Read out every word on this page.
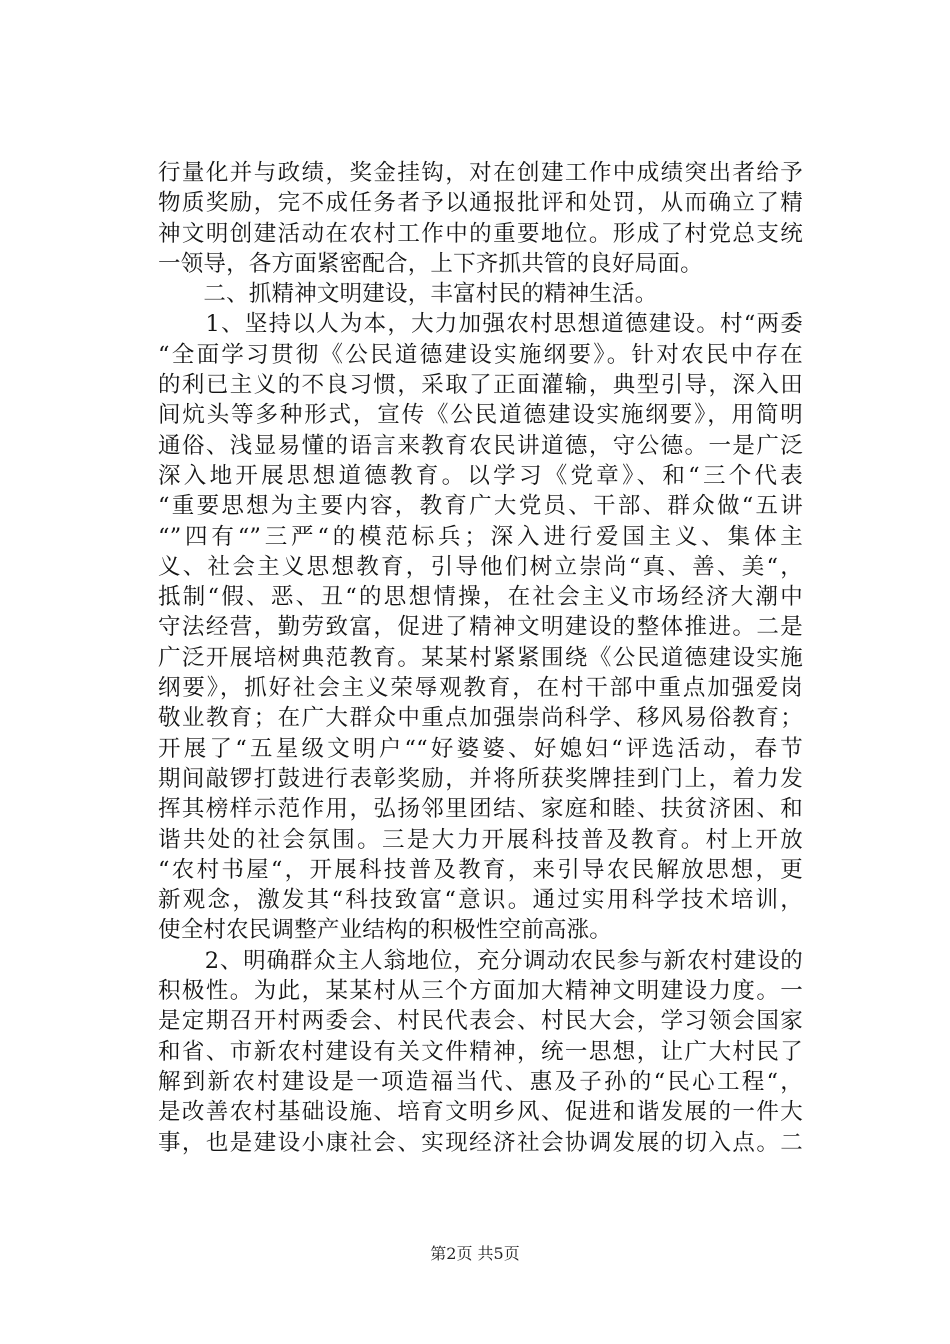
行量化并与政绩，奖金挂钩，对在创建工作中成绩突出者给予
物质奖励，完不成任务者予以通报批评和处罚，从而确立了精
神文明创建活动在农村工作中的重要地位。形成了村党总支统
一领导，各方面紧密配合，上下齐抓共管的良好局面。
　　二、抓精神文明建设，丰富村民的精神生活。
　　1、坚持以人为本，大力加强农村思想道德建设。村“两委
“全面学习贯彻《公民道德建设实施纲要》。针对农民中存在
的利已主义的不良习惯，采取了正面灌输，典型引导，深入田
间炕头等多种形式，宣传《公民道德建设实施纲要》，用简明
通俗、浅显易懂的语言来教育农民讲道德，守公德。一是广泛
深入地开展思想道德教育。以学习《党章》、和“三个代表
“重要思想为主要内容，教育广大党员、干部、群众做“五讲
“”四有“”三严“的模范标兵；深入进行爱国主义、集体主
义、社会主义思想教育，引导他们树立崇尚“真、善、美“，
抵制“假、恶、丑“的思想情操，在社会主义市场经济大潮中
守法经营，勤劳致富，促进了精神文明建设的整体推进。二是
广泛开展培树典范教育。某某村紧紧围绕《公民道德建设实施
纲要》，抓好社会主义荣辱观教育，在村干部中重点加强爱岗
敬业教育；在广大群众中重点加强崇尚科学、移风易俗教育；
开展了“五星级文明户““好婆婆、好媳妇“评选活动，春节
期间敲锣打鼓进行表彰奖励，并将所获奖牌挂到门上，着力发
挥其榜样示范作用，弘扬邻里团结、家庭和睦、扶贫济困、和
谐共处的社会氛围。三是大力开展科技普及教育。村上开放
“农村书屋“，开展科技普及教育，来引导农民解放思想，更
新观念，激发其“科技致富“意识。通过实用科学技术培训，
使全村农民调整产业结构的积极性空前高涨。
　　2、明确群众主人翁地位，充分调动农民参与新农村建设的
积极性。为此，某某村从三个方面加大精神文明建设力度。一
是定期召开村两委会、村民代表会、村民大会，学习领会国家
和省、市新农村建设有关文件精神，统一思想，让广大村民了
解到新农村建设是一项造福当代、惠及子孙的“民心工程“，
是改善农村基础设施、培育文明乡风、促进和谐发展的一件大
事，也是建设小康社会、实现经济社会协调发展的切入点。二
第2页 共5页
